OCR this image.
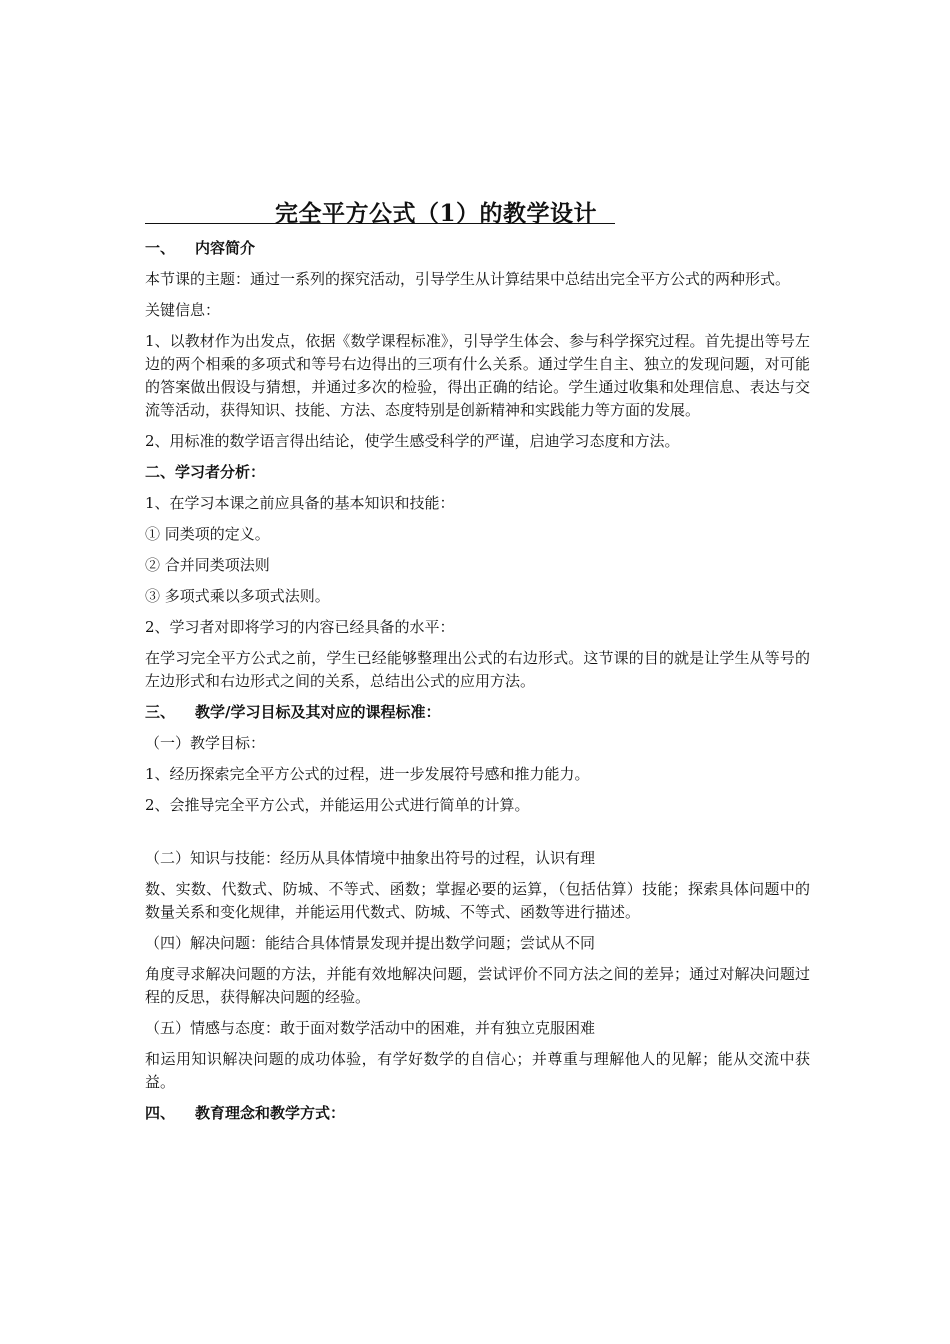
完全平方公式（1）的教学设计
一、 内容简介

本节课的主题：通过一系列的探究活动，引导学生从计算结果中总结出完全平方公式的两种形式。

关键信息：

1、以教材作为出发点，依据《数学课程标准》，引导学生体会、参与科学探究过程。首先提出等号左边的两个相乘的多项式和等号右边得出的三项有什么关系。通过学生自主、独立的发现问题，对可能的答案做出假设与猜想，并通过多次的检验，得出正确的结论。学生通过收集和处理信息、表达与交流等活动，获得知识、技能、方法、态度特别是创新精神和实践能力等方面的发展。

2、用标准的数学语言得出结论，使学生感受科学的严谨，启迪学习态度和方法。

二、学习者分析：

1、在学习本课之前应具备的基本知识和技能：

① 同类项的定义。

② 合并同类项法则

③ 多项式乘以多项式法则。

2、学习者对即将学习的内容已经具备的水平：

在学习完全平方公式之前，学生已经能够整理出公式的右边形式。这节课的目的就是让学生从等号的左边形式和右边形式之间的关系，总结出公式的应用方法。

三、 教学/学习目标及其对应的课程标准：

（一）教学目标：

1、经历探索完全平方公式的过程，进一步发展符号感和推力能力。

2、会推导完全平方公式，并能运用公式进行简单的计算。

（二）知识与技能：经历从具体情境中抽象出符号的过程，认识有理

数、实数、代数式、防城、不等式、函数；掌握必要的运算，（包括估算）技能；探索具体问题中的数量关系和变化规律，并能运用代数式、防城、不等式、函数等进行描述。

（四）解决问题：能结合具体情景发现并提出数学问题；尝试从不同

角度寻求解决问题的方法，并能有效地解决问题，尝试评价不同方法之间的差异；通过对解决问题过程的反思，获得解决问题的经验。

（五）情感与态度：敢于面对数学活动中的困难，并有独立克服困难

和运用知识解决问题的成功体验，有学好数学的自信心；并尊重与理解他人的见解；能从交流中获益。

四、 教育理念和教学方式：
